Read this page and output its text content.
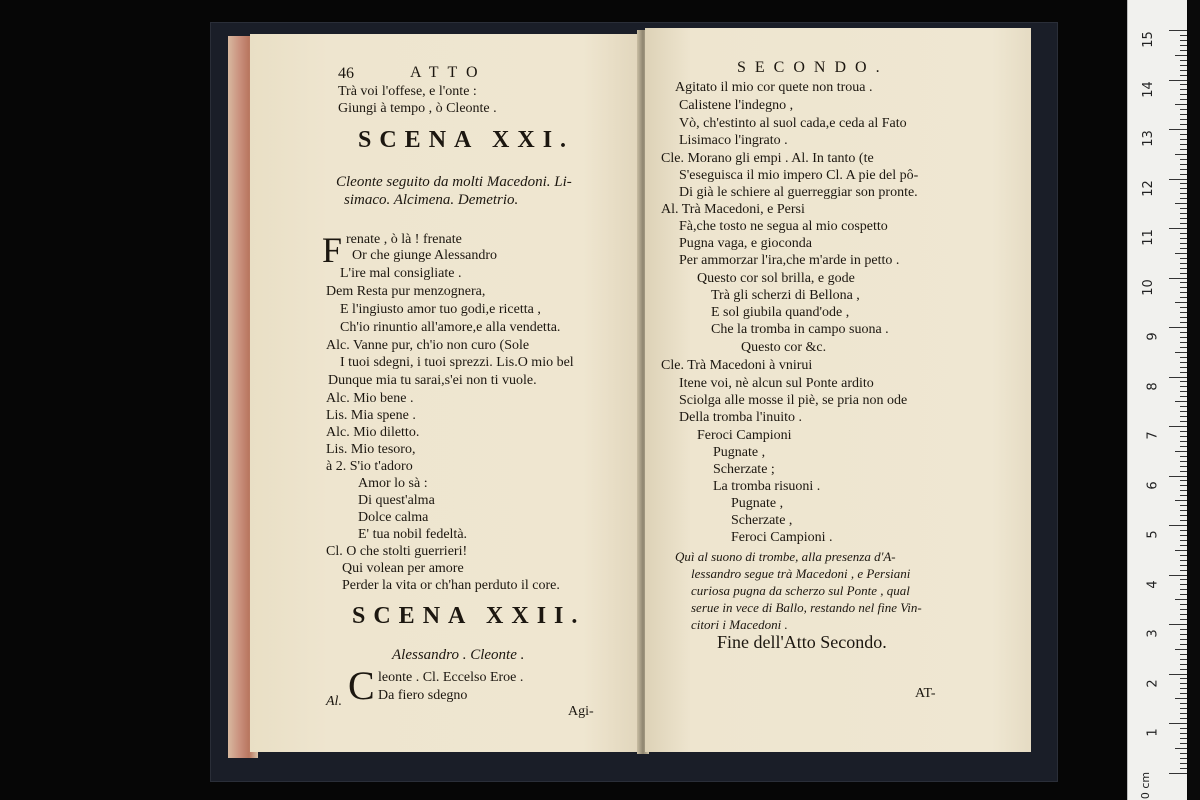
46	ATTO
Trà voi l'offese, e l'onte :
Giungi à tempo , ò Cleonte .
SCENA XXI.
Cleonte seguito da molti Macedoni. Li-
simaco. Alcimena. Demetrio.
F renate , ò là ! frenate
Or che giunge Alessandro
L'ire mal consigliate .
Dem Resta pur menzognera,
E l'ingiusto amor tuo godi,e ricetta ,
Ch'io rinuntio all'amore,e alla vendetta.
Alc. Vanne pur, ch'io non curo (Sole
I tuoi sdegni, i tuoi sprezzi. Lis.O mio bel
Dunque mia tu sarai,s'ei non ti vuole.
Alc. Mio bene .
Lis. Mia spene .
Alc. Mio diletto.
Lis. Mio tesoro,
à 2. S'io t'adoro
Amor lo sà :
Di quest'alma
Dolce calma
E' tua nobil fedeltà.
Cl. O che stolti guerrieri!
Qui volean per amore
Perder la vita or ch'han perduto il core.
SCENA XXII.
Alessandro . Cleonte .
Al. C leonte . Cl. Eccelso Eroe .
Da fiero sdegno
Agi-
SECONDO.
Agitato il mio cor quete non troua .
Calistene l'indegno ,
Vò, ch'estinto al suol cada,e ceda al Fato
Lisimaco l'ingrato .
Cle. Morano gli empi . Al. In tanto (te
S'eseguisca il mio impero Cl. A pie del pô-
Di già le schiere al guerreggiar son pronte.
Al. Trà Macedoni, e Persi
Fà,che tosto ne segua al mio cospetto
Pugna vaga, e gioconda
Per ammorzar l'ira,che m'arde in petto .
Questo cor sol brilla, e gode
Trà gli scherzi di Bellona ,
E sol giubila quand'ode ,
Che la tromba in campo suona .
Questo cor &c.
Cle. Trà Macedoni à vnirui
Itene voi, nè alcun sul Ponte ardito
Sciolga alle mosse il piè, se pria non ode
Della tromba l'inuito .
Feroci Campioni
Pugnate ,
Scherzate ;
La tromba risuoni .
Pugnate ,
Scherzate ,
Feroci Campioni .
Quì al suono di trombe, alla presenza d'A-
lessandro segue trà Macedoni , e Persiani
curiosa pugna da scherzo sul Ponte , qual
serue in vece di Ballo, restando nel fine Vin-
citori i Macedoni .
Fine dell'Atto Secondo.
AT-
15
14
13
12
11
10
9
8
7
6
5
4
3
2
1
0 cm
